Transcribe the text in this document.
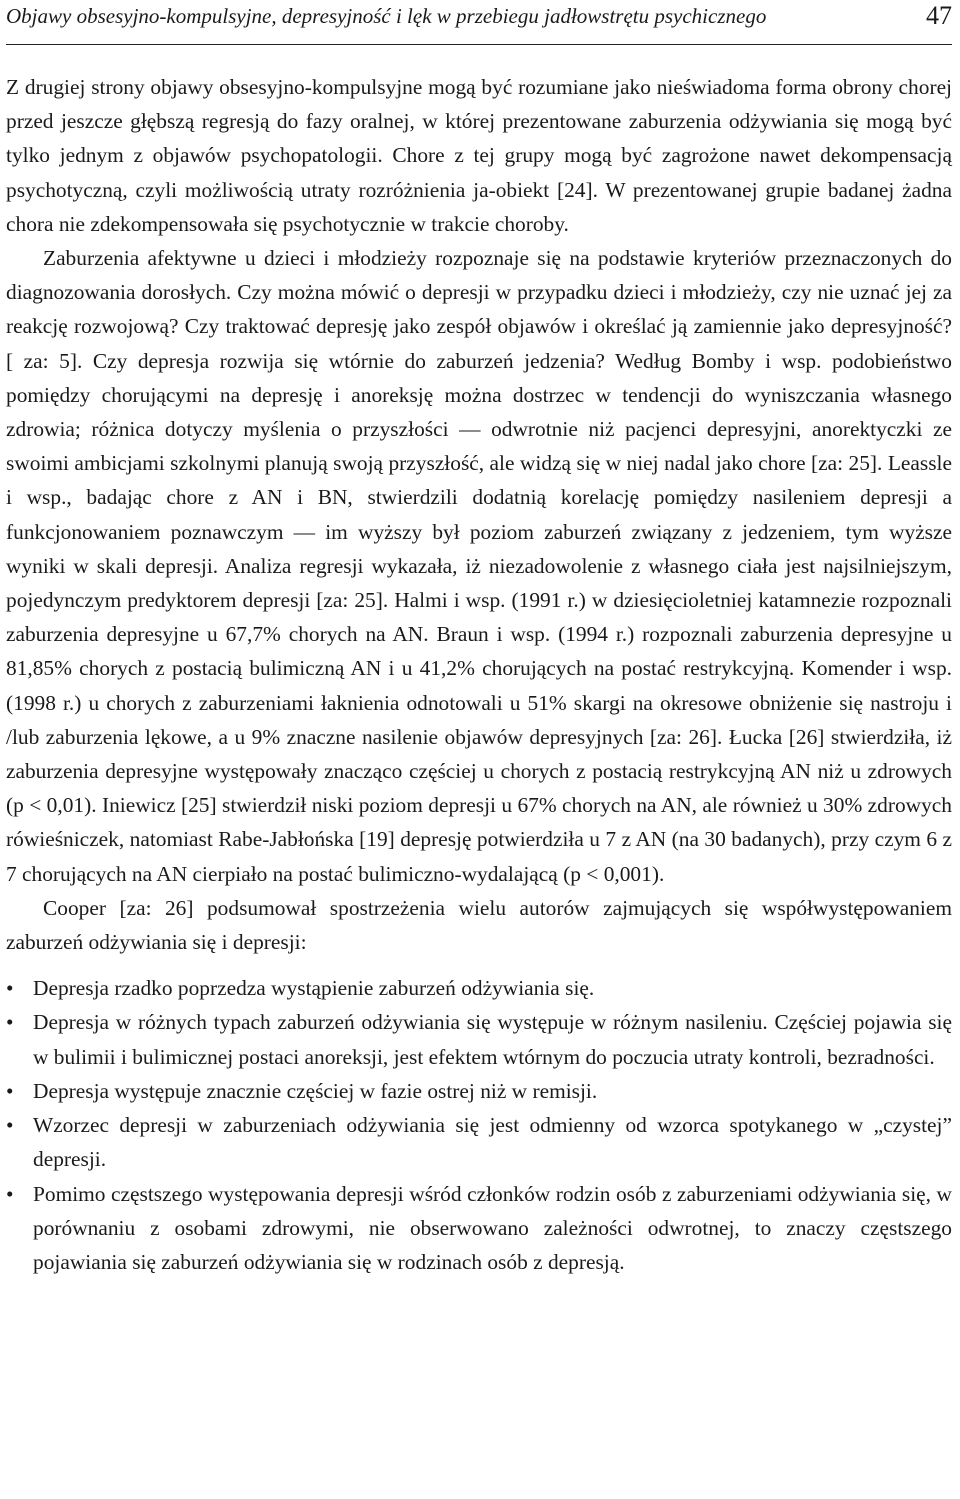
Objawy obsesyjno-kompulsyjne, depresyjność i lęk w przebiegu jadłowstrętu psychicznego	47

Z drugiej strony objawy obsesyjno-kompulsyjne mogą być rozumiane jako nieświadoma forma obrony chorej przed jeszcze głębszą regresją do fazy oralnej, w której prezentowane zaburzenia odżywiania się mogą być tylko jednym z objawów psychopatologii. Chore z tej grupy mogą być zagrożone nawet dekompensacją psychotyczną, czyli możliwością utraty rozróżnienia ja-obiekt [24]. W prezentowanej grupie badanej żadna chora nie zdekompensowała się psychotycznie w trakcie choroby.

Zaburzenia afektywne u dzieci i młodzieży rozpoznaje się na podstawie kryteriów przeznaczonych do diagnozowania dorosłych. Czy można mówić o depresji w przypadku dzieci i młodzieży, czy nie uznać jej za reakcję rozwojową? Czy traktować depresję jako zespół objawów i określać ją zamiennie jako depresyjność? [ za: 5]. Czy depresja rozwija się wtórnie do zaburzeń jedzenia? Według Bomby i wsp. podobieństwo pomiędzy chorującymi na depresję i anoreksję można dostrzec w tendencji do wyniszczania własnego zdrowia; różnica dotyczy myślenia o przyszłości — odwrotnie niż pacjenci depresyjni, anorektyczki ze swoimi ambicjami szkolnymi planują swoją przyszłość, ale widzą się w niej nadal jako chore [za: 25]. Leassle i wsp., badając chore z AN i BN, stwierdzili dodatnią korelację pomiędzy nasileniem depresji a funkcjonowaniem poznawczym — im wyższy był poziom zaburzeń związany z jedzeniem, tym wyższe wyniki w skali depresji. Analiza regresji wykazała, iż niezadowolenie z własnego ciała jest najsilniejszym, pojedynczym predyktorem depresji [za: 25]. Halmi i wsp. (1991 r.) w dziesięcioletniej katamnezie rozpoznali zaburzenia depresyjne u 67,7% chorych na AN. Braun i wsp. (1994 r.) rozpoznali zaburzenia depresyjne u 81,85% chorych z postacią bulimiczną AN i u 41,2% chorujących na postać restrykcyjną. Komender i wsp. (1998 r.) u chorych z zaburzeniami łaknienia odnotowali u 51% skargi na okresowe obniżenie się nastroju i /lub zaburzenia lękowe, a u 9% znaczne nasilenie objawów depresyjnych [za: 26]. Łucka [26] stwierdziła, iż zaburzenia depresyjne występowały znacząco częściej u chorych z postacią restrykcyjną AN niż u zdrowych (p < 0,01). Iniewicz [25] stwierdził niski poziom depresji u 67% chorych na AN, ale również u 30% zdrowych rówieśniczek, natomiast Rabe-Jabłońska [19] depresję potwierdziła u 7 z AN (na 30 badanych), przy czym 6 z 7 chorujących na AN cierpiało na postać bulimiczno-wydalającą (p < 0,001).

Cooper [za: 26] podsumował spostrzeżenia wielu autorów zajmujących się współwystępowaniem zaburzeń odżywiania się i depresji:

• Depresja rzadko poprzedza wystąpienie zaburzeń odżywiania się.
• Depresja w różnych typach zaburzeń odżywiania się występuje w różnym nasileniu. Częściej pojawia się w bulimii i bulimicznej postaci anoreksji, jest efektem wtórnym do poczucia utraty kontroli, bezradności.
• Depresja występuje znacznie częściej w fazie ostrej niż w remisji.
• Wzorzec depresji w zaburzeniach odżywiania się jest odmienny od wzorca spotykanego w „czystej” depresji.
• Pomimo częstszego występowania depresji wśród członków rodzin osób z zaburzeniami odżywiania się, w porównaniu z osobami zdrowymi, nie obserwowano zależności odwrotnej, to znaczy częstszego pojawiania się zaburzeń odżywiania się w rodzinach osób z depresją.
